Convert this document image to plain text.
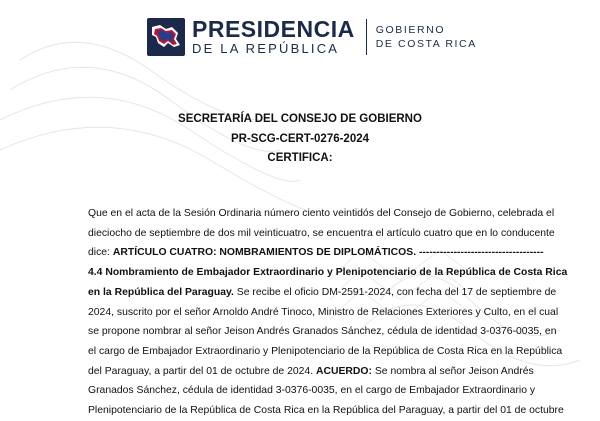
PRESIDENCIA
DE LA REPÚBLICA
GOBIERNO
DE COSTA RICA
SECRETARÍA DEL CONSEJO DE GOBIERNO
PR-SCG-CERT-0276-2024
CERTIFICA:
Que en el acta de la Sesión Ordinaria número ciento veintidós del Consejo de Gobierno, celebrada el
dieciocho de septiembre de dos mil veinticuatro, se encuentra el artículo cuatro que en lo conducente
dice: ARTÍCULO CUATRO: NOMBRAMIENTOS DE DIPLOMÁTICOS. ------------------------------------
4.4 Nombramiento de Embajador Extraordinario y Plenipotenciario de la República de Costa Rica
en la República del Paraguay. Se recibe el oficio DM-2591-2024, con fecha del 17 de septiembre de
2024, suscrito por el señor Arnoldo André Tinoco, Ministro de Relaciones Exteriores y Culto, en el cual
se propone nombrar al señor Jeison Andrés Granados Sánchez, cédula de identidad 3-0376-0035, en
el cargo de Embajador Extraordinario y Plenipotenciario de la República de Costa Rica en la República
del Paraguay, a partir del 01 de octubre de 2024. ACUERDO: Se nombra al señor Jeison Andrés
Granados Sánchez, cédula de identidad 3-0376-0035, en el cargo de Embajador Extraordinario y
Plenipotenciario de la República de Costa Rica en la República del Paraguay, a partir del 01 de octubre
